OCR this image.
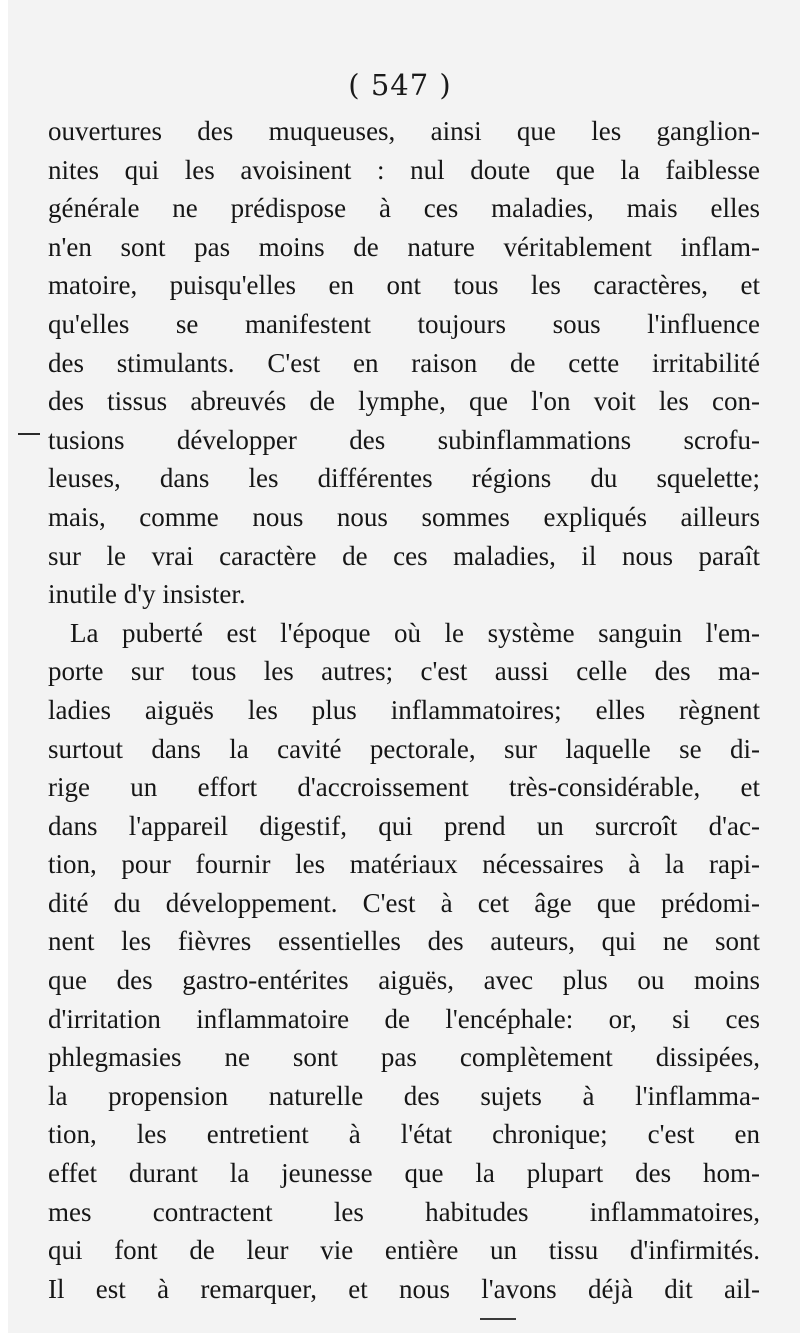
( 547 )
ouvertures des muqueuses, ainsi que les ganglion-
nites qui les avoisinent : nul doute que la faiblesse
générale ne prédispose à ces maladies, mais elles
n'en sont pas moins de nature véritablement inflam-
matoire, puisqu'elles en ont tous les caractères, et
qu'elles se manifestent toujours sous l'influence
des stimulants. C'est en raison de cette irritabilité
des tissus abreuvés de lymphe, que l'on voit les con-
tusions développer des subinflammations scrofu-
leuses, dans les différentes régions du squelette;
mais, comme nous nous sommes expliqués ailleurs
sur le vrai caractère de ces maladies, il nous paraît
inutile d'y insister.
La puberté est l'époque où le système sanguin l'em-
porte sur tous les autres; c'est aussi celle des ma-
ladies aiguës les plus inflammatoires; elles règnent
surtout dans la cavité pectorale, sur laquelle se di-
rige un effort d'accroissement très-considérable, et
dans l'appareil digestif, qui prend un surcroît d'ac-
tion, pour fournir les matériaux nécessaires à la rapi-
dité du développement. C'est à cet âge que prédomi-
nent les fièvres essentielles des auteurs, qui ne sont
que des gastro-entérites aiguës, avec plus ou moins
d'irritation inflammatoire de l'encéphale: or, si ces
phlegmasies ne sont pas complètement dissipées,
la propension naturelle des sujets à l'inflamma-
tion, les entretient à l'état chronique; c'est en
effet durant la jeunesse que la plupart des hom-
mes contractent les habitudes inflammatoires,
qui font de leur vie entière un tissu d'infirmités.
Il est à remarquer, et nous l'avons déjà dit ail-
